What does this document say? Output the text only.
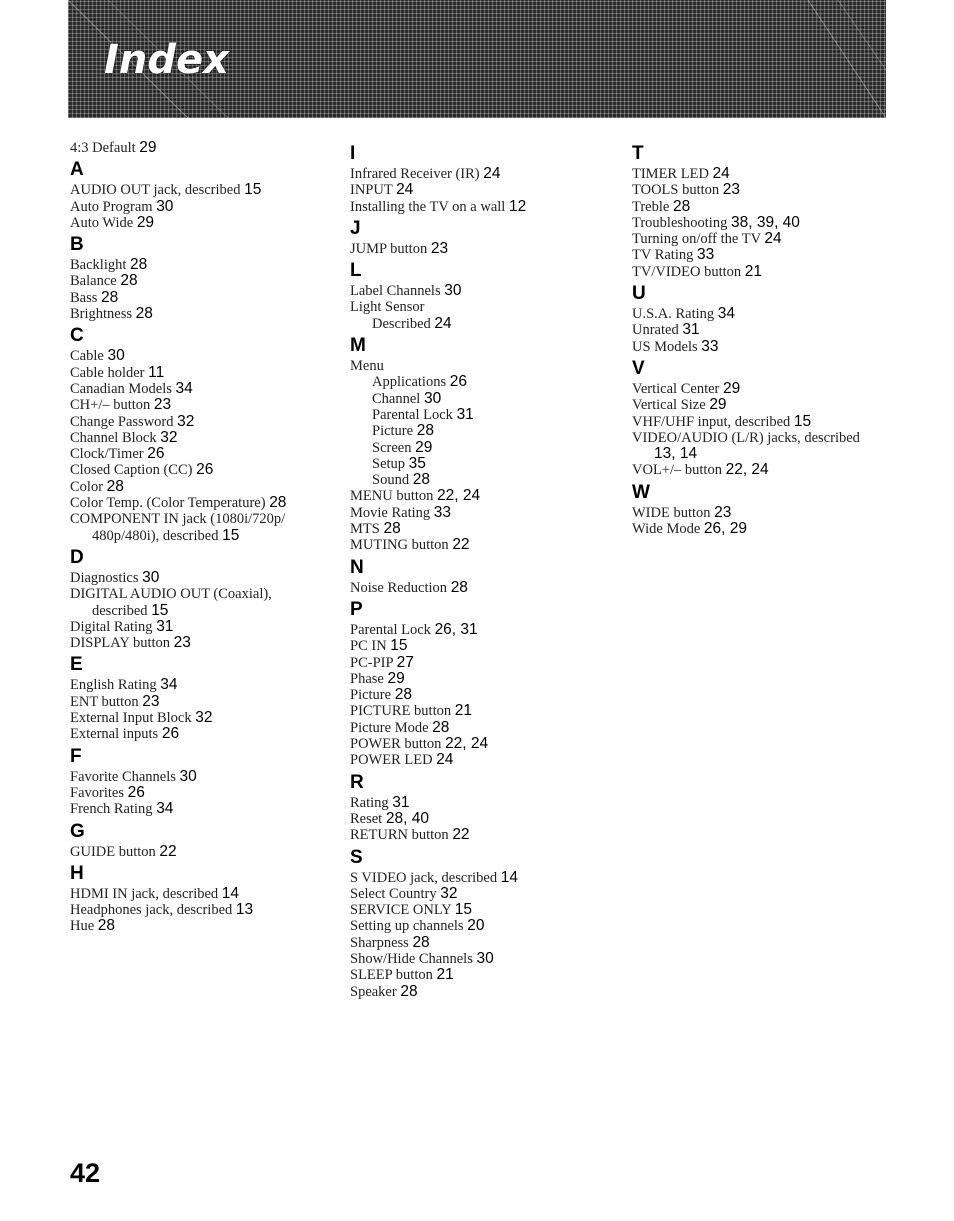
Index
4:3 Default 29
A
AUDIO OUT jack, described 15
Auto Program 30
Auto Wide 29
B
Backlight 28
Balance 28
Bass 28
Brightness 28
C
Cable 30
Cable holder 11
Canadian Models 34
CH+/– button 23
Change Password 32
Channel Block 32
Clock/Timer 26
Closed Caption (CC) 26
Color 28
Color Temp. (Color Temperature) 28
COMPONENT IN jack (1080i/720p/
480p/480i), described 15
D
Diagnostics 30
DIGITAL AUDIO OUT (Coaxial),
described 15
Digital Rating 31
DISPLAY button 23
E
English Rating 34
ENT button 23
External Input Block 32
External inputs 26
F
Favorite Channels 30
Favorites 26
French Rating 34
G
GUIDE button 22
H
HDMI IN jack, described 14
Headphones jack, described 13
Hue 28
I
Infrared Receiver (IR) 24
INPUT 24
Installing the TV on a wall 12
J
JUMP button 23
L
Label Channels 30
Light Sensor
Described 24
M
Menu
Applications 26
Channel 30
Parental Lock 31
Picture 28
Screen 29
Setup 35
Sound 28
MENU button 22, 24
Movie Rating 33
MTS 28
MUTING button 22
N
Noise Reduction 28
P
Parental Lock 26, 31
PC IN 15
PC-PIP 27
Phase 29
Picture 28
PICTURE button 21
Picture Mode 28
POWER button 22, 24
POWER LED 24
R
Rating 31
Reset 28, 40
RETURN button 22
S
S VIDEO jack, described 14
Select Country 32
SERVICE ONLY 15
Setting up channels 20
Sharpness 28
Show/Hide Channels 30
SLEEP button 21
Speaker 28
T
TIMER LED 24
TOOLS button 23
Treble 28
Troubleshooting 38, 39, 40
Turning on/off the TV 24
TV Rating 33
TV/VIDEO button 21
U
U.S.A. Rating 34
Unrated 31
US Models 33
V
Vertical Center 29
Vertical Size 29
VHF/UHF input, described 15
VIDEO/AUDIO (L/R) jacks, described
13, 14
VOL+/– button 22, 24
W
WIDE button 23
Wide Mode 26, 29
42
